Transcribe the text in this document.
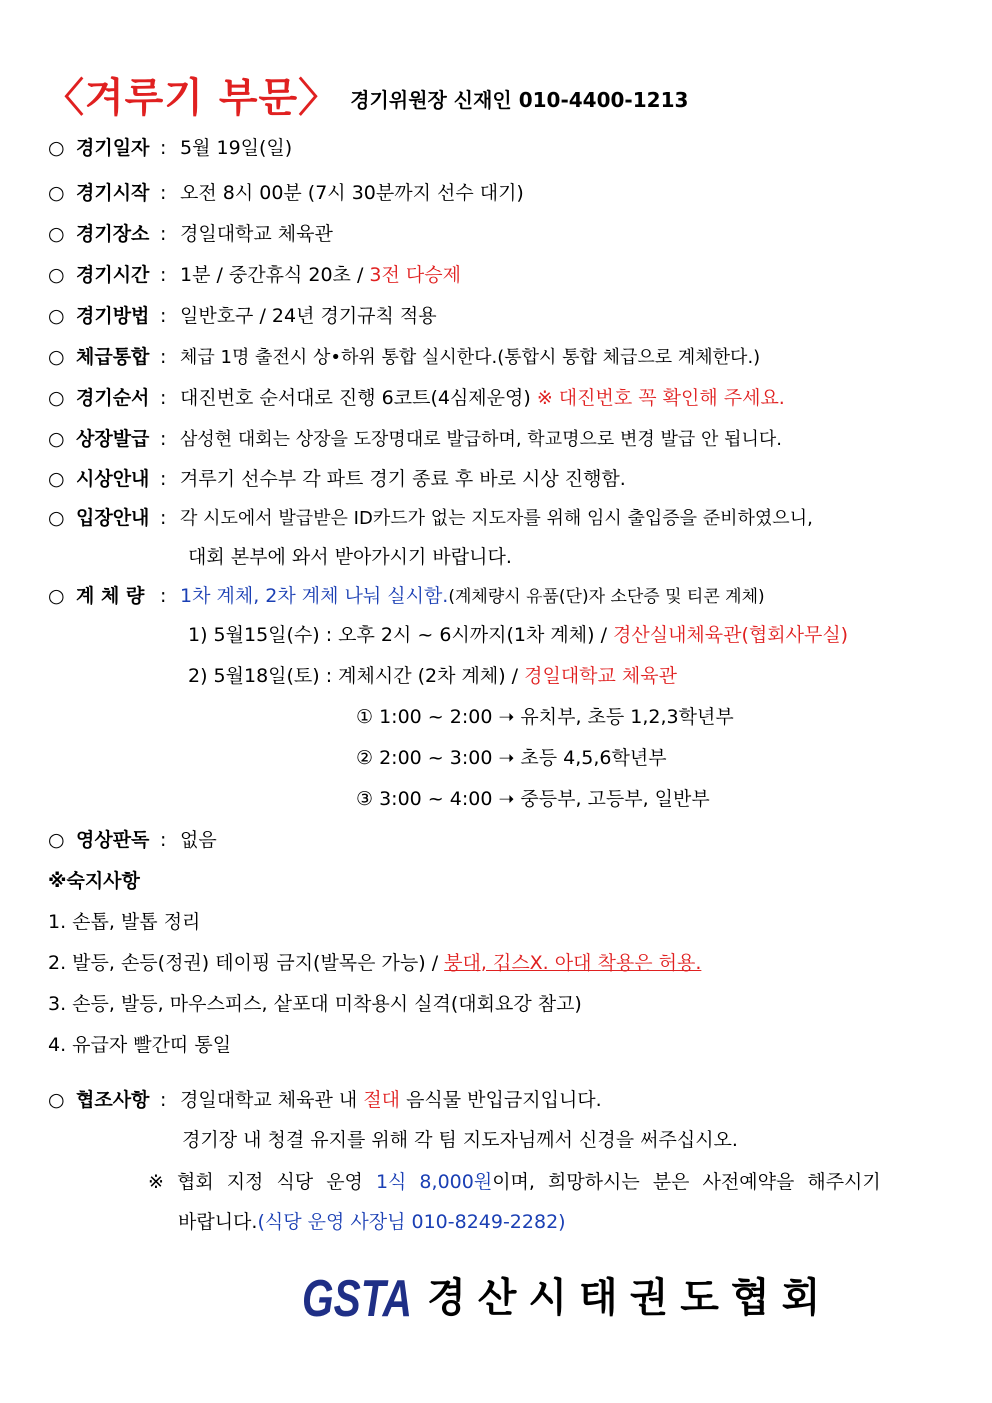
〈겨루기 부문〉 경기위원장 신재인 010-4400-1213
○ 경기일자 : 5월 19일(일)
○ 경기시작 : 오전 8시 00분 (7시 30분까지 선수 대기)
○ 경기장소 : 경일대학교 체육관
○ 경기시간 : 1분 / 중간휴식 20초 / 3전 다승제
○ 경기방법 : 일반호구 / 24년 경기규칙 적용
○ 체급통합 : 체급 1명 출전시 상•하위 통합 실시한다.(통합시 통합 체급으로 계체한다.)
○ 경기순서 : 대진번호 순서대로 진행 6코트(4심제운영) ※ 대진번호 꼭 확인해 주세요.
○ 상장발급 : 삼성현 대회는 상장을 도장명대로 발급하며, 학교명으로 변경 발급 안 됩니다.
○ 시상안내 : 겨루기 선수부 각 파트 경기 종료 후 바로 시상 진행함.
○ 입장안내 : 각 시도에서 발급받은 ID카드가 없는 지도자를 위해 임시 출입증을 준비하였으니,
대회 본부에 와서 받아가시기 바랍니다.
○ 계 체 량 : 1차 계체, 2차 계체 나눠 실시함.(계체량시 유품(단)자 소단증 및 티콘 계체)
1) 5월15일(수) : 오후 2시 ~ 6시까지(1차 계체) / 경산실내체육관(협회사무실)
2) 5월18일(토) : 계체시간 (2차 계체) / 경일대학교 체육관
① 1:00 ~ 2:00 ➝ 유치부, 초등 1,2,3학년부
② 2:00 ~ 3:00 ➝ 초등 4,5,6학년부
③ 3:00 ~ 4:00 ➝ 중등부, 고등부, 일반부
○ 영상판독 : 없음
※숙지사항
1. 손톱, 발톱 정리
2. 발등, 손등(정권) 테이핑 금지(발목은 가능) / 붕대, 깁스X. 아대 착용은 허용.
3. 손등, 발등, 마우스피스, 샅포대 미착용시 실격(대회요강 참고)
4. 유급자 빨간띠 통일
○ 협조사항 : 경일대학교 체육관 내 절대 음식물 반입금지입니다.
경기장 내 청결 유지를 위해 각 팀 지도자님께서 신경을 써주십시오.
※ 협회 지정 식당 운영 1식 8,000원이며, 희망하시는 분은 사전예약을 해주시기
바랍니다.(식당 운영 사장님 010-8249-2282)
GSTA 경산시태권도협회
